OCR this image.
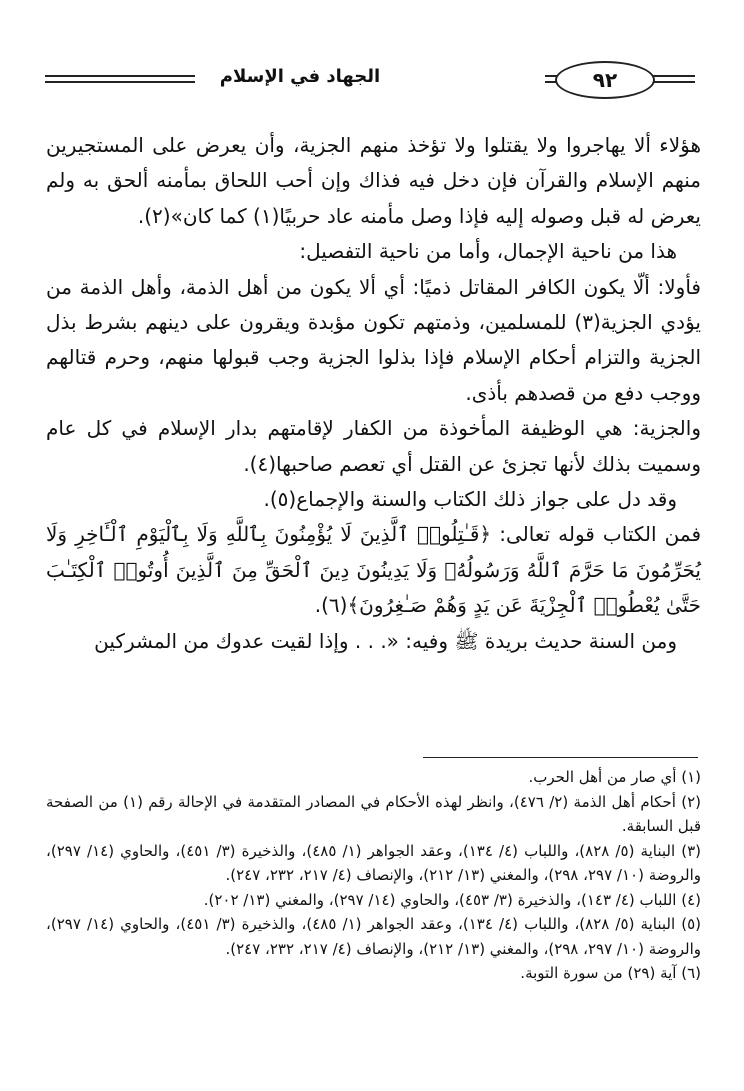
الجهاد في الإسلام	٩٢

هؤلاء ألا يهاجروا ولا يقتلوا ولا تؤخذ منهم الجزية، وأن يعرض على المستجيرين منهم الإسلام والقرآن فإن دخل فيه فذاك وإن أحب اللحاق بمأمنه ألحق به ولم يعرض له قبل وصوله إليه فإذا وصل مأمنه عاد حربيًا(١) كما كان»(٢).

هذا من ناحية الإجمال، وأما من ناحية التفصيل:

فأولا: ألّا يكون الكافر المقاتل ذميًا: أي ألا يكون من أهل الذمة، وأهل الذمة من يؤدي الجزية(٣) للمسلمين، وذمتهم تكون مؤبدة ويقرون على دينهم بشرط بذل الجزية والتزام أحكام الإسلام فإذا بذلوا الجزية وجب قبولها منهم، وحرم قتالهم ووجب دفع من قصدهم بأذى.

والجزية: هي الوظيفة المأخوذة من الكفار لإقامتهم بدار الإسلام في كل عام وسميت بذلك لأنها تجزئ عن القتل أي تعصم صاحبها(٤).

وقد دل على جواز ذلك الكتاب والسنة والإجماع(٥).

فمن الكتاب قوله تعالى: ﴿قَـٰتِلُوا۟ ٱلَّذِينَ لَا يُؤْمِنُونَ بِٱللَّهِ وَلَا بِٱلْيَوْمِ ٱلْـَٔاخِرِ وَلَا يُحَرِّمُونَ مَا حَرَّمَ ٱللَّهُ وَرَسُولُهُۥ وَلَا يَدِينُونَ دِينَ ٱلْحَقِّ مِنَ ٱلَّذِينَ أُوتُوا۟ ٱلْكِتَـٰبَ حَتَّىٰ يُعْطُوا۟ ٱلْجِزْيَةَ عَن يَدٍ وَهُمْ صَـٰغِرُونَ﴾(٦).

ومن السنة حديث بريدة ﷺ وفيه: «. . . وإذا لقيت عدوك من المشركين

(١) أي صار من أهل الحرب.

(٢) أحكام أهل الذمة (٢/ ٤٧٦)، وانظر لهذه الأحكام في المصادر المتقدمة في الإحالة رقم (١) من الصفحة قبل السابقة.

(٣) البناية (٥/ ٨٢٨)، واللباب (٤/ ١٣٤)، وعقد الجواهر (١/ ٤٨٥)، والذخيرة (٣/ ٤٥١)، والحاوي (١٤/ ٢٩٧)، والروضة (١٠/ ٢٩٧، ٢٩٨)، والمغني (١٣/ ٢١٢)، والإنصاف (٤/ ٢١٧، ٢٣٢، ٢٤٧).

(٤) اللباب (٤/ ١٤٣)، والذخيرة (٣/ ٤٥٣)، والحاوي (١٤/ ٢٩٧)، والمغني (١٣/ ٢٠٢).

(٥) البناية (٥/ ٨٢٨)، واللباب (٤/ ١٣٤)، وعقد الجواهر (١/ ٤٨٥)، والذخيرة (٣/ ٤٥١)، والحاوي (١٤/ ٢٩٧)، والروضة (١٠/ ٢٩٧، ٢٩٨)، والمغني (١٣/ ٢١٢)، والإنصاف (٤/ ٢١٧، ٢٣٢، ٢٤٧).

(٦) آية (٢٩) من سورة التوبة.
